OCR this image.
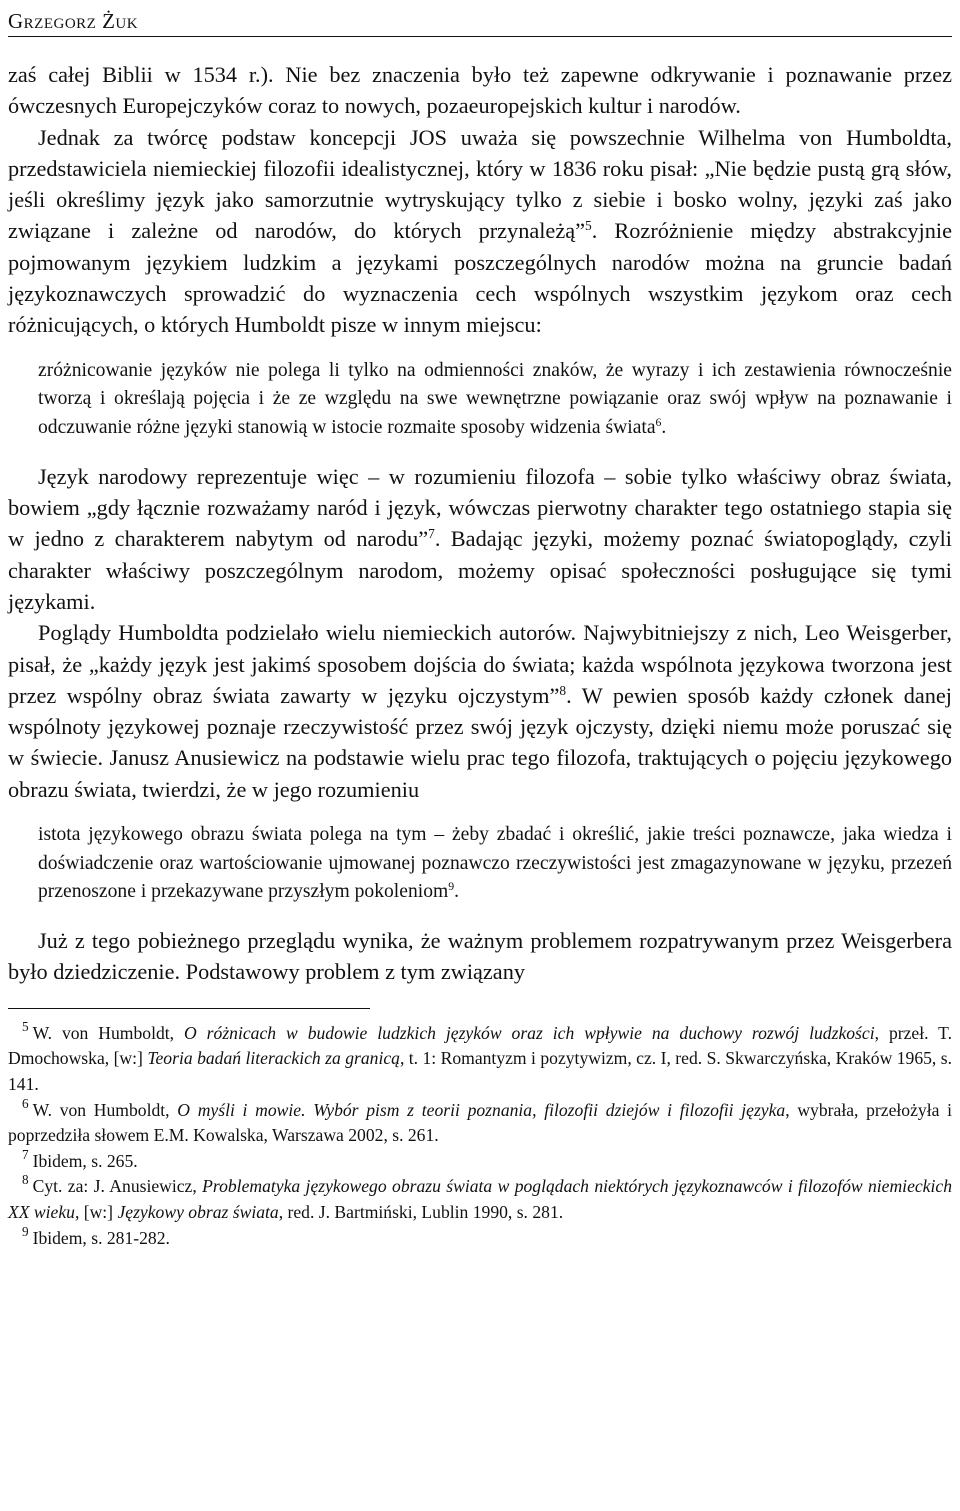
Grzegorz Żuk

zaś całej Biblii w 1534 r.). Nie bez znaczenia było też zapewne odkrywanie i poznawanie przez ówczesnych Europejczyków coraz to nowych, pozaeuropejskich kultur i narodów.

Jednak za twórcę podstaw koncepcji JOS uważa się powszechnie Wilhelma von Humboldta, przedstawiciela niemieckiej filozofii idealistycznej, który w 1836 roku pisał: „Nie będzie pustą grą słów, jeśli określimy język jako samorzutnie wytryskujący tylko z siebie i bosko wolny, języki zaś jako związane i zależne od narodów, do których przynależą”$^5$. Rozróżnienie między abstrakcyjnie pojmowanym językiem ludzkim a językami poszczególnych narodów można na gruncie badań językoznawczych sprowadzić do wyznaczenia cech wspólnych wszystkim językom oraz cech różnicujących, o których Humboldt pisze w innym miejscu:

zróżnicowanie języków nie polega li tylko na odmienności znaków, że wyrazy i ich zestawienia równocześnie tworzą i określają pojęcia i że ze względu na swe wewnętrzne powiązanie oraz swój wpływ na poznawanie i odczuwanie różne języki stanowią w istocie rozmaite sposoby widzenia świata$^6$.

Język narodowy reprezentuje więc – w rozumieniu filozofa – sobie tylko właściwy obraz świata, bowiem „gdy łącznie rozważamy naród i język, wówczas pierwotny charakter tego ostatniego stapia się w jedno z charakterem nabytym od narodu”$^7$. Badając języki, możemy poznać światopoglądy, czyli charakter właściwy poszczególnym narodom, możemy opisać społeczności posługujące się tymi językami.

Poglądy Humboldta podzielało wielu niemieckich autorów. Najwybitniejszy z nich, Leo Weisgerber, pisał, że „każdy język jest jakimś sposobem dojścia do świata; każda wspólnota językowa tworzona jest przez wspólny obraz świata zawarty w języku ojczystym”$^8$. W pewien sposób każdy członek danej wspólnoty językowej poznaje rzeczywistość przez swój język ojczysty, dzięki niemu może poruszać się w świecie. Janusz Anusiewicz na podstawie wielu prac tego filozofa, traktujących o pojęciu językowego obrazu świata, twierdzi, że w jego rozumieniu

istota językowego obrazu świata polega na tym – żeby zbadać i określić, jakie treści poznawcze, jaka wiedza i doświadczenie oraz wartościowanie ujmowanej poznawczo rzeczywistości jest zmagazynowane w języku, przezeń przenoszone i przekazywane przyszłym pokoleniom$^9$.

Już z tego pobieżnego przeglądu wynika, że ważnym problemem rozpatrywanym przez Weisgerbera było dziedziczenie. Podstawowy problem z tym związany

$^5$ W. von Humboldt, O różnicach w budowie ludzkich języków oraz ich wpływie na duchowy rozwój ludzkości, przeł. T. Dmochowska, [w:] Teoria badań literackich za granicą, t. 1: Romantyzm i pozytywizm, cz. I, red. S. Skwarczyńska, Kraków 1965, s. 141.

$^6$ W. von Humboldt, O myśli i mowie. Wybór pism z teorii poznania, filozofii dziejów i filozofii języka, wybrała, przełożyła i poprzedziła słowem E.M. Kowalska, Warszawa 2002, s. 261.

$^7$ Ibidem, s. 265.

$^8$ Cyt. za: J. Anusiewicz, Problematyka językowego obrazu świata w poglądach niektórych językoznawców i filozofów niemieckich XX wieku, [w:] Językowy obraz świata, red. J. Bartmiński, Lublin 1990, s. 281.

$^9$ Ibidem, s. 281-282.
